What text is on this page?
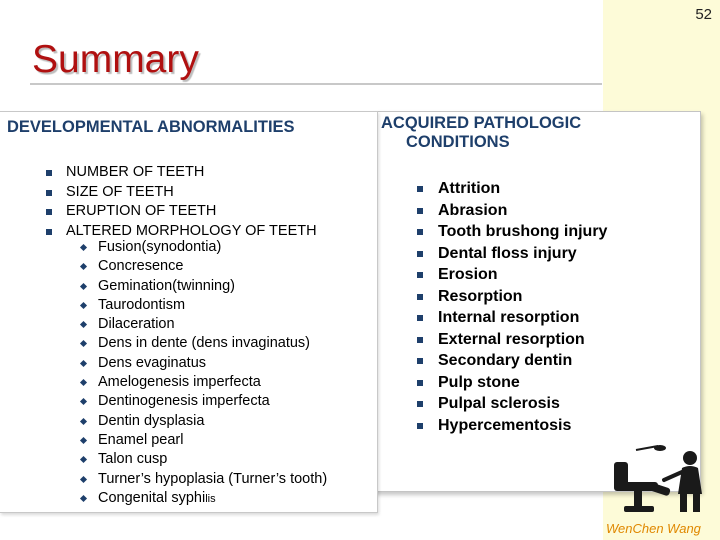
52
Summary
DEVELOPMENTAL ABNORMALITIES	ACQUIRED PATHOLOGIC
CONDITIONS
NUMBER OF TEETH
SIZE OF TEETH
ERUPTION OF TEETH
ALTERED MORPHOLOGY OF TEETH
Fusion(synodontia)
Concresence
Gemination(twinning)
Taurodontism
Dilaceration
Dens in dente (dens invaginatus)
Dens evaginatus
Amelogenesis imperfecta
Dentinogenesis imperfecta
Dentin dysplasia
Enamel pearl
Talon cusp
Turner’s hypoplasia (Turner’s tooth)
Congenital syphilis
Attrition
Abrasion
Tooth brushong injury
Dental floss injury
Erosion
Resorption
Internal resorption
External resorption
Secondary dentin
Pulp stone
Pulpal sclerosis
Hypercementosis
WenChen Wang
